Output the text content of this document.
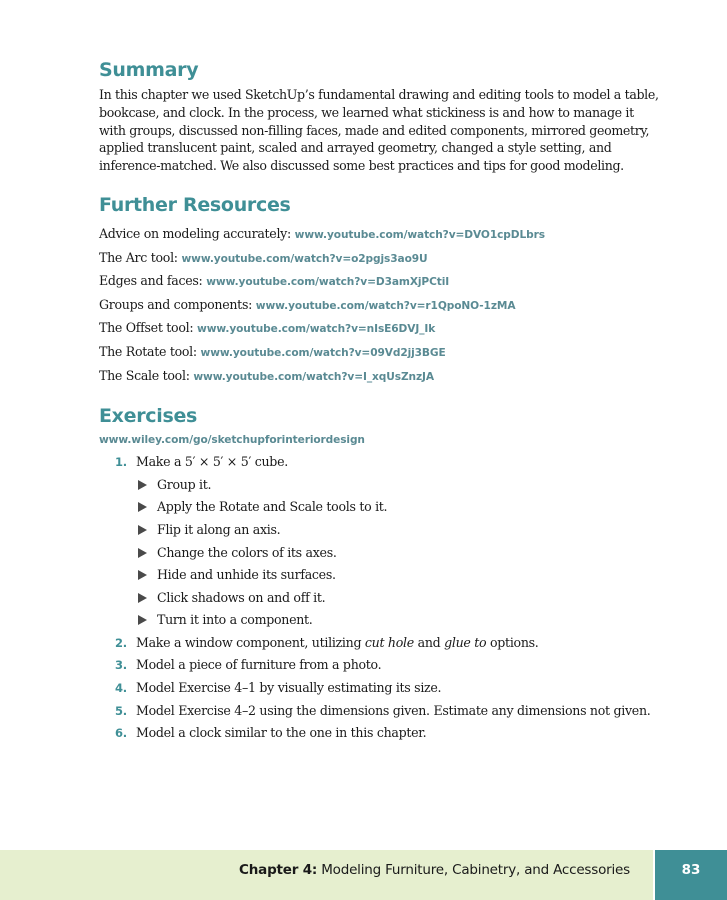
Summary

In this chapter we used SketchUp’s fundamental drawing and editing tools to model a table, bookcase, and clock. In the process, we learned what stickiness is and how to manage it with groups, discussed non-filling faces, made and edited components, mirrored geometry, applied translucent paint, scaled and arrayed geometry, changed a style setting, and inference-matched. We also discussed some best practices and tips for good modeling.

Further Resources
Advice on modeling accurately: www.youtube.com/watch?v=DVO1cpDLbrs
The Arc tool: www.youtube.com/watch?v=o2pgjs3ao9U
Edges and faces: www.youtube.com/watch?v=D3amXjPCtiI
Groups and components: www.youtube.com/watch?v=r1QpoNO-1zMA
The Offset tool: www.youtube.com/watch?v=nIsE6DVJ_Ik
The Rotate tool: www.youtube.com/watch?v=09Vd2jj3BGE
The Scale tool: www.youtube.com/watch?v=I_xqUsZnzJA
Exercises
www.wiley.com/go/sketchupforinteriordesign
1. Make a 5′ × 5′ × 5′ cube.
Group it.
Apply the Rotate and Scale tools to it.
Flip it along an axis.
Change the colors of its axes.
Hide and unhide its surfaces.
Click shadows on and off it.
Turn it into a component.
2. Make a window component, utilizing cut hole and glue to options.
3. Model a piece of furniture from a photo.
4. Model Exercise 4–1 by visually estimating its size.
5. Model Exercise 4–2 using the dimensions given. Estimate any dimensions not given.
6. Model a clock similar to the one in this chapter.
Chapter 4: Modeling Furniture, Cabinetry, and Accessories	83
